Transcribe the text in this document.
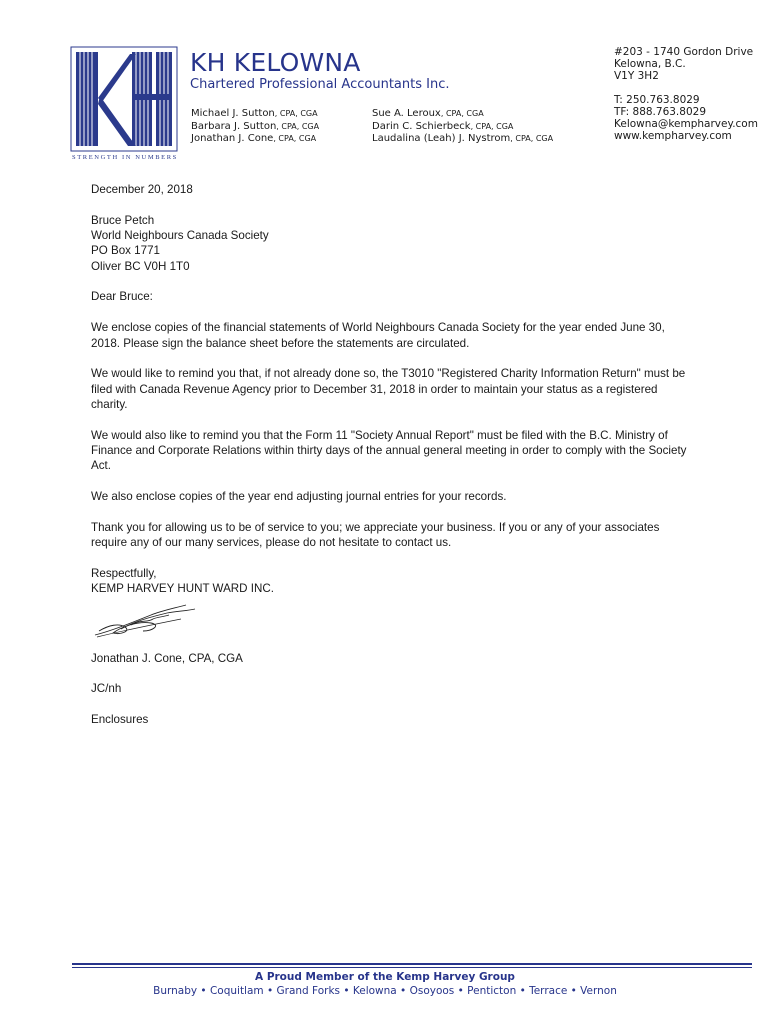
STRENGTH IN NUMBERS
KH KELOWNA
Chartered Professional Accountants Inc.
Michael J. Sutton, CPA, CGA
Barbara J. Sutton, CPA, CGA
Jonathan J. Cone, CPA, CGA
Sue A. Leroux, CPA, CGA
Darin C. Schierbeck, CPA, CGA
Laudalina (Leah) J. Nystrom, CPA, CGA
#203 - 1740 Gordon Drive
Kelowna, B.C.
V1Y 3H2
T: 250.763.8029
TF: 888.763.8029
Kelowna@kempharvey.com
www.kempharvey.com

December 20, 2018

Bruce Petch
World Neighbours Canada Society
PO Box 1771
Oliver BC V0H 1T0

Dear Bruce:

We enclose copies of the financial statements of World Neighbours Canada Society for the year ended June 30, 2018. Please sign the balance sheet before the statements are circulated.

We would like to remind you that, if not already done so, the T3010 "Registered Charity Information Return" must be filed with Canada Revenue Agency prior to December 31, 2018 in order to maintain your status as a registered charity.

We would also like to remind you that the Form 11 "Society Annual Report" must be filed with the B.C. Ministry of Finance and Corporate Relations within thirty days of the annual general meeting in order to comply with the Society Act.

We also enclose copies of the year end adjusting journal entries for your records.

Thank you for allowing us to be of service to you; we appreciate your business. If you or any of your associates require any of our many services, please do not hesitate to contact us.

Respectfully,
KEMP HARVEY HUNT WARD INC.

Jonathan J. Cone, CPA, CGA

JC/nh

Enclosures

A Proud Member of the Kemp Harvey Group
Burnaby • Coquitlam • Grand Forks • Kelowna • Osoyoos • Penticton • Terrace • Vernon
